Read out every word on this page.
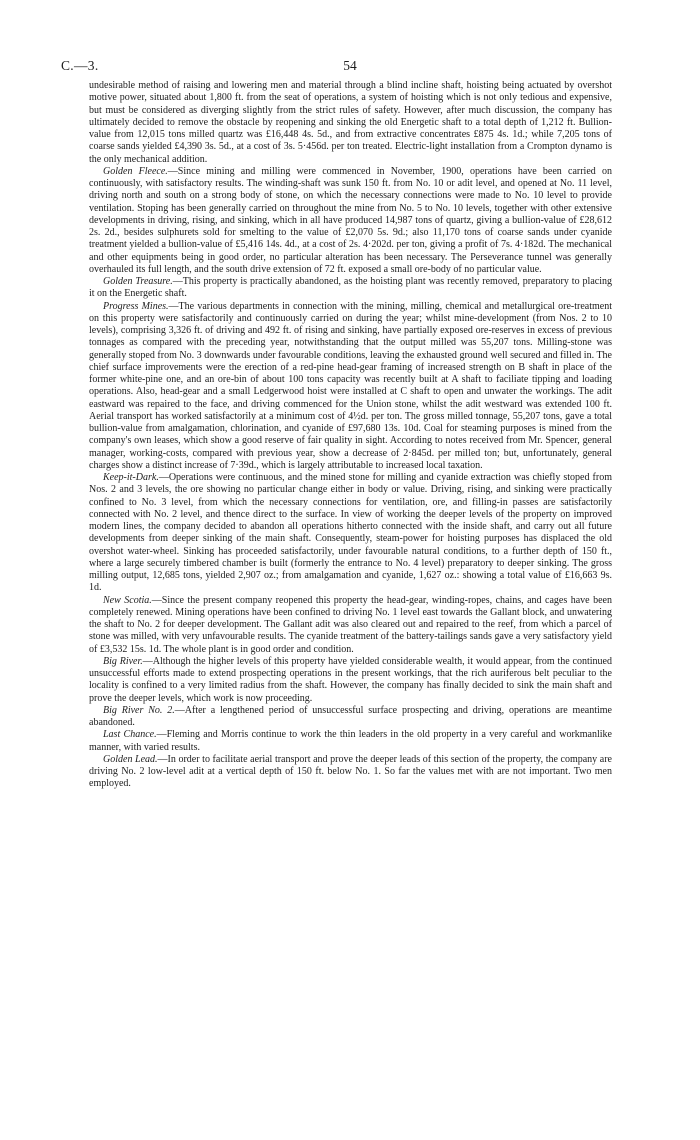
C.—3.	54

undesirable method of raising and lowering men and material through a blind incline shaft, hoisting being actuated by overshot motive power, situated about 1,800 ft. from the seat of operations, a system of hoisting which is not only tedious and expensive, but must be considered as diverging slightly from the strict rules of safety. However, after much discussion, the company has ultimately decided to remove the obstacle by reopening and sinking the old Energetic shaft to a total depth of 1,212 ft. Bullion-value from 12,015 tons milled quartz was £16,448 4s. 5d., and from extractive concentrates £875 4s. 1d.; while 7,205 tons of coarse sands yielded £4,390 3s. 5d., at a cost of 3s. 5·456d. per ton treated. Electric-light installation from a Crompton dynamo is the only mechanical addition.

Golden Fleece.—Since mining and milling were commenced in November, 1900, operations have been carried on continuously, with satisfactory results. The winding-shaft was sunk 150 ft. from No. 10 or adit level, and opened at No. 11 level, driving north and south on a strong body of stone, on which the necessary connections were made to No. 10 level to provide ventilation. Stoping has been generally carried on throughout the mine from No. 5 to No. 10 levels, together with other extensive developments in driving, rising, and sinking, which in all have produced 14,987 tons of quartz, giving a bullion-value of £28,612 2s. 2d., besides sulphurets sold for smelting to the value of £2,070 5s. 9d.; also 11,170 tons of coarse sands under cyanide treatment yielded a bullion-value of £5,416 14s. 4d., at a cost of 2s. 4·202d. per ton, giving a profit of 7s. 4·182d. The mechanical and other equipments being in good order, no particular alteration has been necessary. The Perseverance tunnel was generally overhauled its full length, and the south drive extension of 72 ft. exposed a small ore-body of no particular value.

Golden Treasure.—This property is practically abandoned, as the hoisting plant was recently removed, preparatory to placing it on the Energetic shaft.

Progress Mines.—The various departments in connection with the mining, milling, chemical and metallurgical ore-treatment on this property were satisfactorily and continuously carried on during the year; whilst mine-development (from Nos. 2 to 10 levels), comprising 3,326 ft. of driving and 492 ft. of rising and sinking, have partially exposed ore-reserves in excess of previous tonnages as compared with the preceding year, notwithstanding that the output milled was 55,207 tons. Milling-stone was generally stoped from No. 3 downwards under favourable conditions, leaving the exhausted ground well secured and filled in. The chief surface improvements were the erection of a red-pine head-gear framing of increased strength on B shaft in place of the former white-pine one, and an ore-bin of about 100 tons capacity was recently built at A shaft to faciliate tipping and loading operations. Also, head-gear and a small Ledgerwood hoist were installed at C shaft to open and unwater the workings. The adit eastward was repaired to the face, and driving commenced for the Union stone, whilst the adit westward was extended 100 ft. Aerial transport has worked satisfactorily at a minimum cost of 4½d. per ton. The gross milled tonnage, 55,207 tons, gave a total bullion-value from amalgamation, chlorination, and cyanide of £97,680 13s. 10d. Coal for steaming purposes is mined from the company's own leases, which show a good reserve of fair quality in sight. According to notes received from Mr. Spencer, general manager, working-costs, compared with previous year, show a decrease of 2·845d. per milled ton; but, unfortunately, general charges show a distinct increase of 7·39d., which is largely attributable to increased local taxation.

Keep-it-Dark.—Operations were continuous, and the mined stone for milling and cyanide extraction was chiefly stoped from Nos. 2 and 3 levels, the ore showing no particular change either in body or value. Driving, rising, and sinking were practically confined to No. 3 level, from which the necessary connections for ventilation, ore, and filling-in passes are satisfactorily connected with No. 2 level, and thence direct to the surface. In view of working the deeper levels of the property on improved modern lines, the company decided to abandon all operations hitherto connected with the inside shaft, and carry out all future developments from deeper sinking of the main shaft. Consequently, steam-power for hoisting purposes has displaced the old overshot water-wheel. Sinking has proceeded satisfactorily, under favourable natural conditions, to a further depth of 150 ft., where a large securely timbered chamber is built (formerly the entrance to No. 4 level) preparatory to deeper sinking. The gross milling output, 12,685 tons, yielded 2,907 oz.; from amalgamation and cyanide, 1,627 oz.: showing a total value of £16,663 9s. 1d.

New Scotia.—Since the present company reopened this property the head-gear, winding-ropes, chains, and cages have been completely renewed. Mining operations have been confined to driving No. 1 level east towards the Gallant block, and unwatering the shaft to No. 2 for deeper development. The Gallant adit was also cleared out and repaired to the reef, from which a parcel of stone was milled, with very unfavourable results. The cyanide treatment of the battery-tailings sands gave a very satisfactory yield of £3,532 15s. 1d. The whole plant is in good order and condition.

Big River.—Although the higher levels of this property have yielded considerable wealth, it would appear, from the continued unsuccessful efforts made to extend prospecting operations in the present workings, that the rich auriferous belt peculiar to the locality is confined to a very limited radius from the shaft. However, the company has finally decided to sink the main shaft and prove the deeper levels, which work is now proceeding.

Big River No. 2.—After a lengthened period of unsuccessful surface prospecting and driving, operations are meantime abandoned.

Last Chance.—Fleming and Morris continue to work the thin leaders in the old property in a very careful and workmanlike manner, with varied results.

Golden Lead.—In order to facilitate aerial transport and prove the deeper leads of this section of the property, the company are driving No. 2 low-level adit at a vertical depth of 150 ft. below No. 1. So far the values met with are not important. Two men employed.
